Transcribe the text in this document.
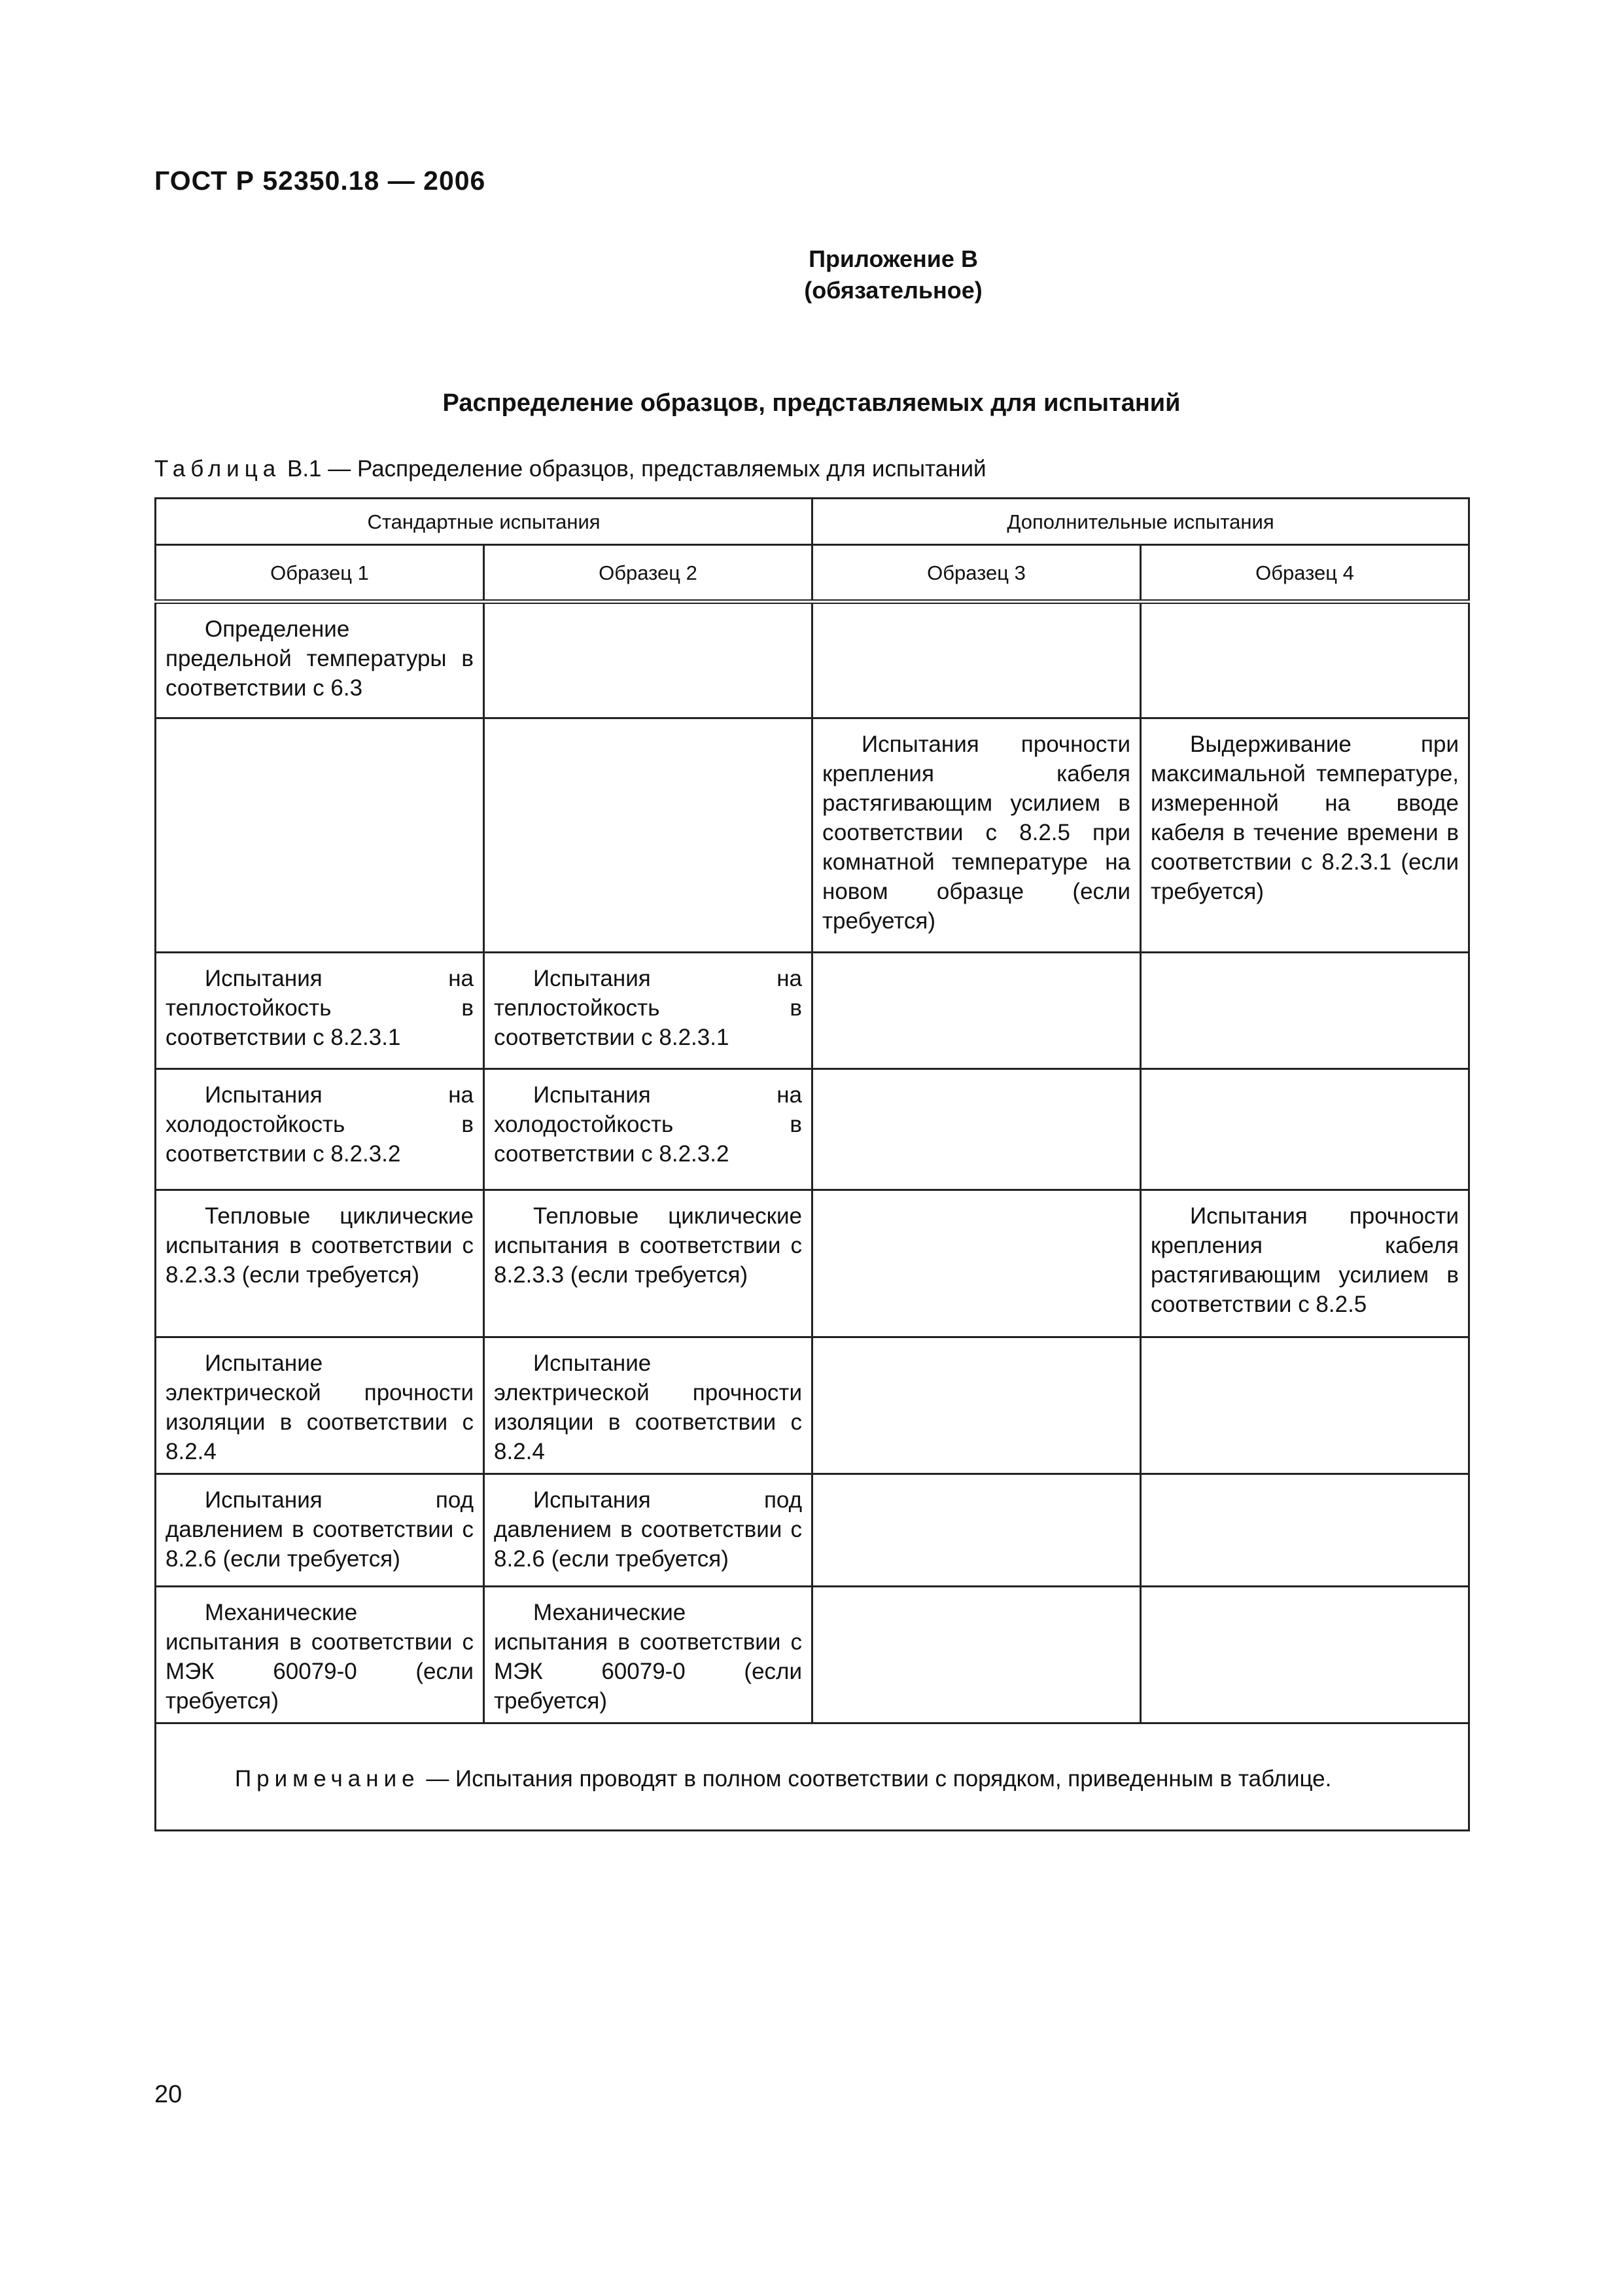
ГОСТ Р 52350.18 — 2006
Приложение В
(обязательное)
Распределение образцов, представляемых для испытаний
Таблица В.1 — Распределение образцов, представляемых для испытаний
Стандартные испытания		Дополнительные испытания	
Образец 1	Образец 2	Образец 3	Образец 4
Определение предельной температуры в соответствии с 6.3			
		Испытания прочности крепления кабеля растягивающим усилием в соответствии с 8.2.5 при комнатной температуре на новом образце (если требуется)	Выдерживание при максимальной температуре, измеренной на вводе кабеля в течение времени в соответствии с 8.2.3.1 (если требуется)
Испытания на теплостойкость в соответствии с 8.2.3.1	Испытания на теплостойкость в соответствии с 8.2.3.1		
Испытания на холодостойкость в соответствии с 8.2.3.2	Испытания на холодостойкость в соответствии с 8.2.3.2		
Тепловые циклические испытания в соответствии с 8.2.3.3 (если требуется)	Тепловые циклические испытания в соответствии с 8.2.3.3 (если требуется)		Испытания прочности крепления кабеля растягивающим усилием в соответствии с 8.2.5
Испытание электрической прочности изоляции в соответствии с 8.2.4	Испытание электрической прочности изоляции в соответствии с 8.2.4		
Испытания под давлением в соответствии с 8.2.6 (если требуется)	Испытания под давлением в соответствии с 8.2.6 (если требуется)		
Механические испытания в соответствии с МЭК 60079-0 (если требуется)	Механические испытания в соответствии с МЭК 60079-0 (если требуется)		
Примечание — Испытания проводят в полном соответствии с порядком, приведенным в таблице.			
20
